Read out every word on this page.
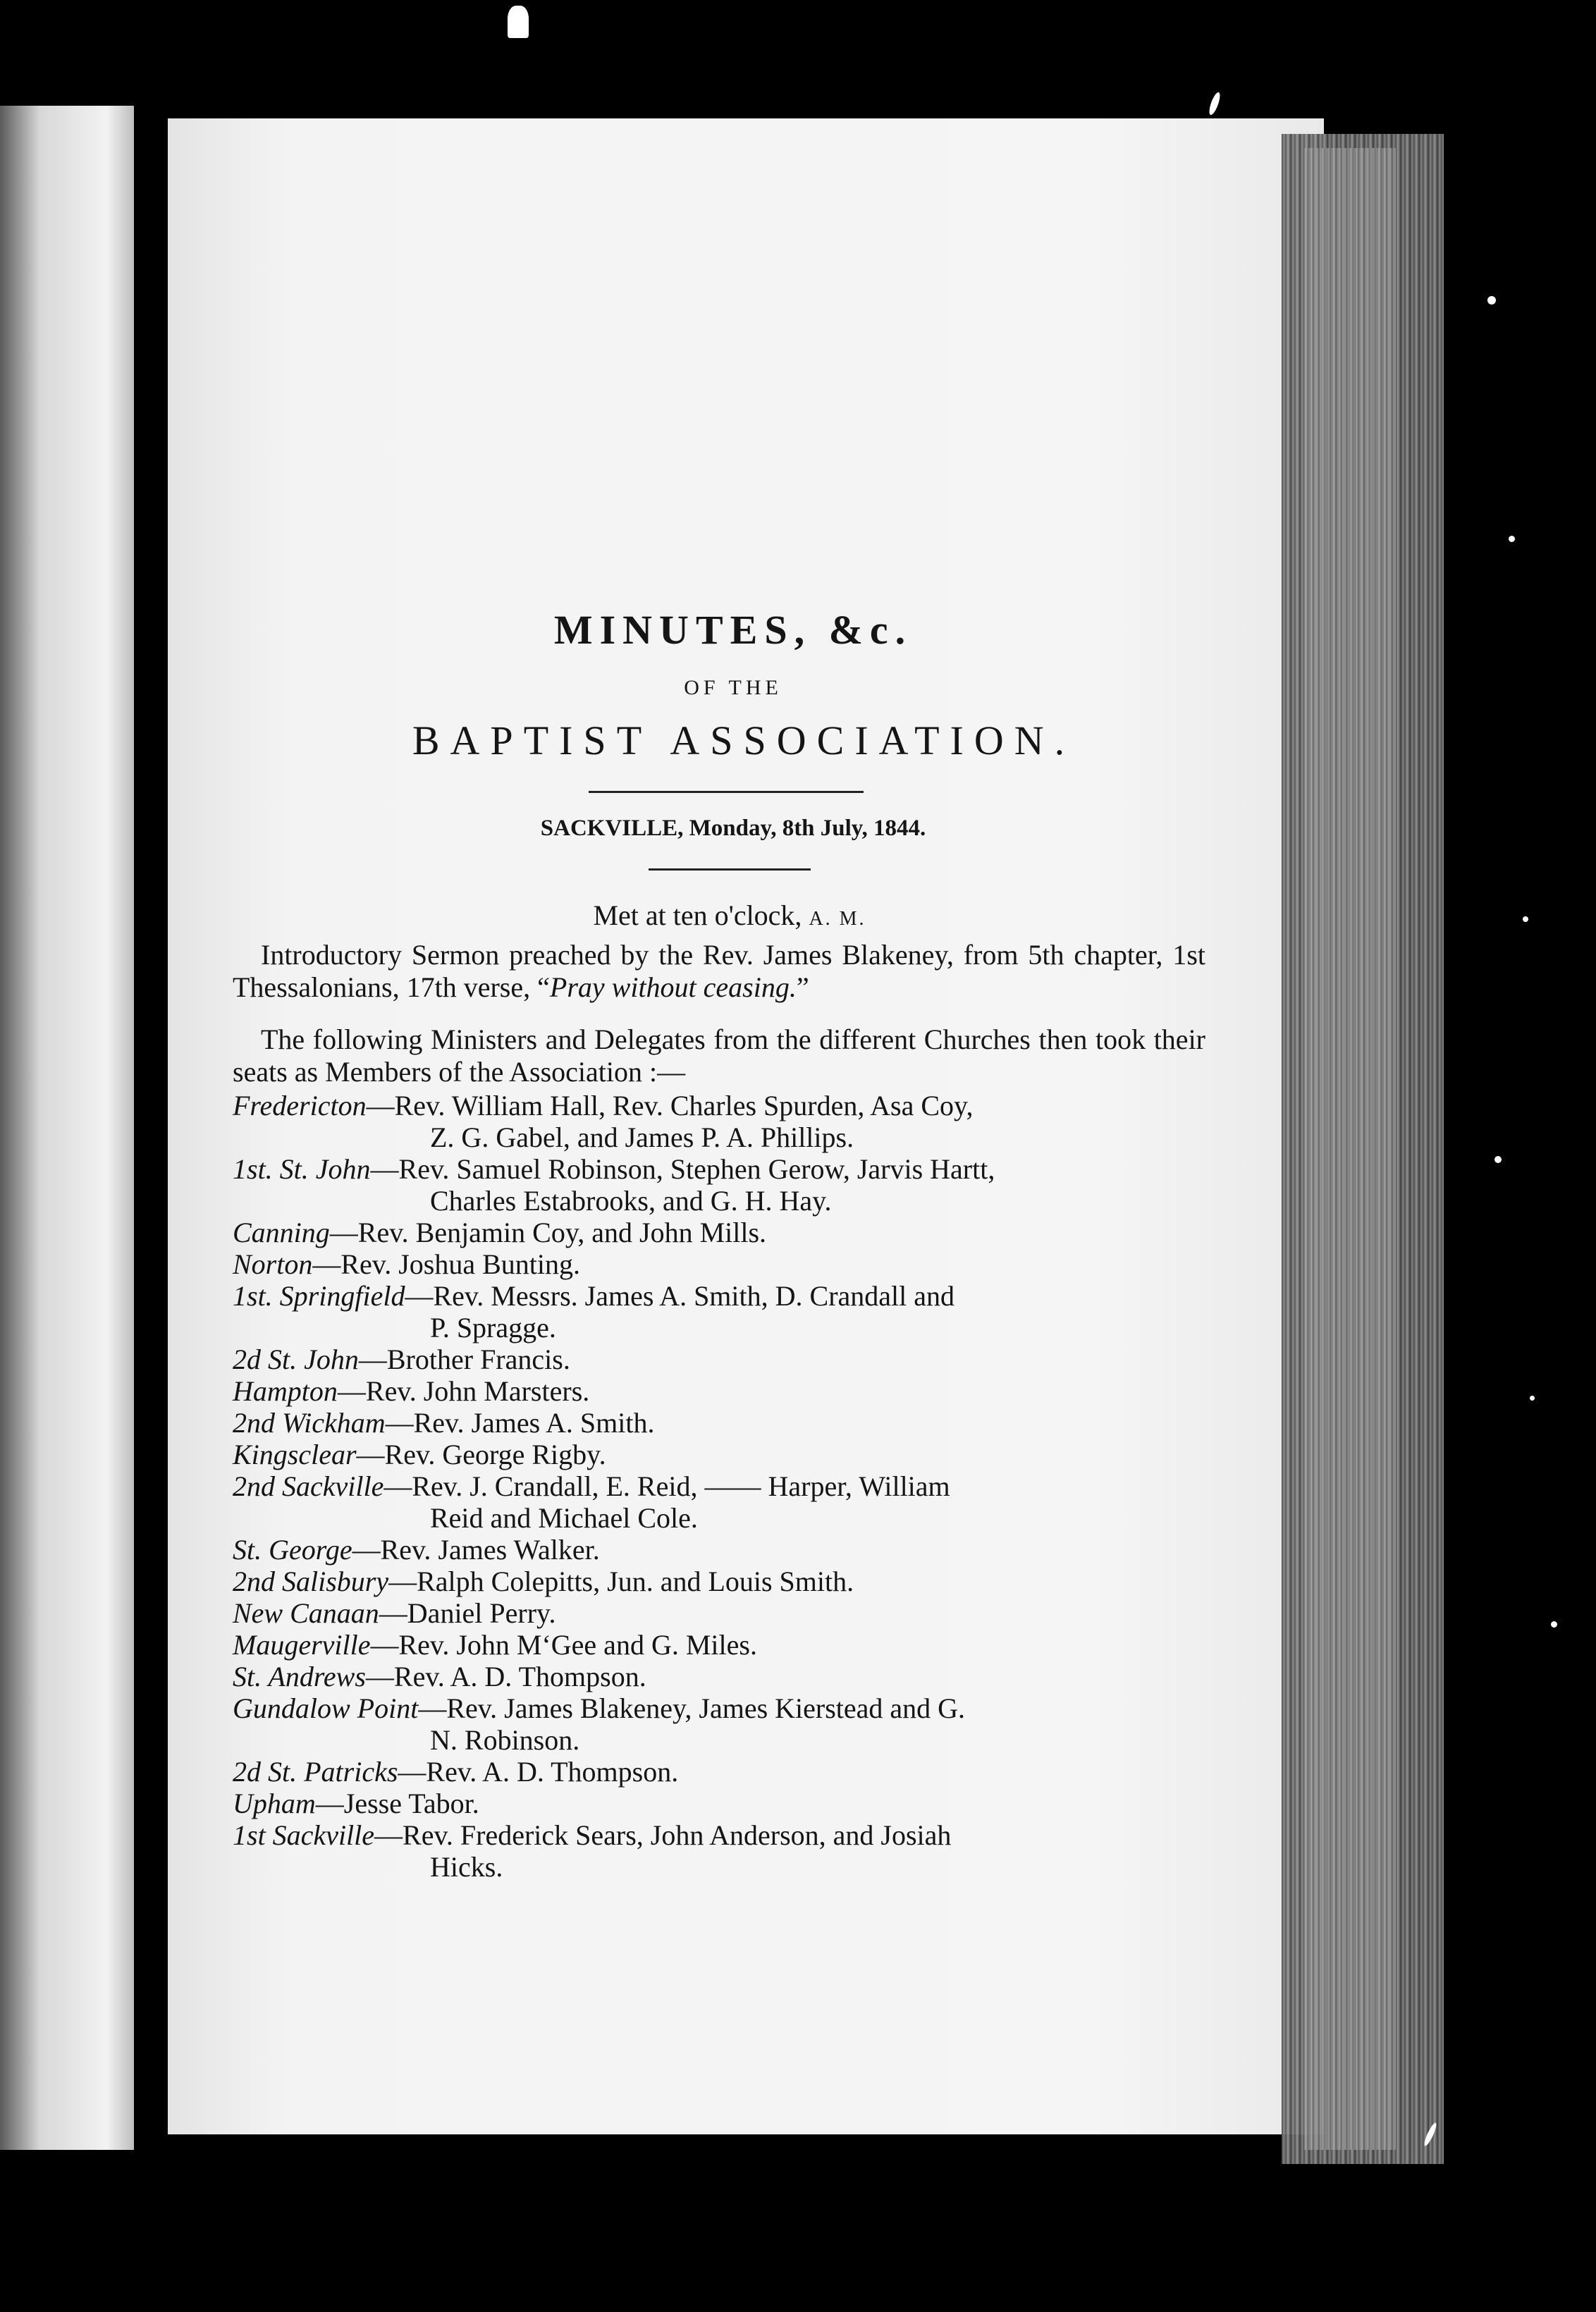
MINUTES, &c.
OF THE
BAPTIST ASSOCIATION.
SACKVILLE, Monday, 8th July, 1844.
Met at ten o'clock, A. M.
Introductory Sermon preached by the Rev. James Blakeney, from 5th chapter, 1st Thessalonians, 17th verse, “Pray without ceasing.”
The following Ministers and Delegates from the different Churches then took their seats as Members of the Association :—
Fredericton—Rev. William Hall, Rev. Charles Spurden, Asa Coy,
Z. G. Gabel, and James P. A. Phillips.
1st. St. John—Rev. Samuel Robinson, Stephen Gerow, Jarvis Hartt,
Charles Estabrooks, and G. H. Hay.
Canning—Rev. Benjamin Coy, and John Mills.
Norton—Rev. Joshua Bunting.
1st. Springfield—Rev. Messrs. James A. Smith, D. Crandall and
P. Spragge.
2d St. John—Brother Francis.
Hampton—Rev. John Marsters.
2nd Wickham—Rev. James A. Smith.
Kingsclear—Rev. George Rigby.
2nd Sackville—Rev. J. Crandall, E. Reid, —— Harper, William
Reid and Michael Cole.
St. George—Rev. James Walker.
2nd Salisbury—Ralph Colepitts, Jun. and Louis Smith.
New Canaan—Daniel Perry.
Maugerville—Rev. John M‘Gee and G. Miles.
St. Andrews—Rev. A. D. Thompson.
Gundalow Point—Rev. James Blakeney, James Kierstead and G.
N. Robinson.
2d St. Patricks—Rev. A. D. Thompson.
Upham—Jesse Tabor.
1st Sackville—Rev. Frederick Sears, John Anderson, and Josiah
Hicks.
